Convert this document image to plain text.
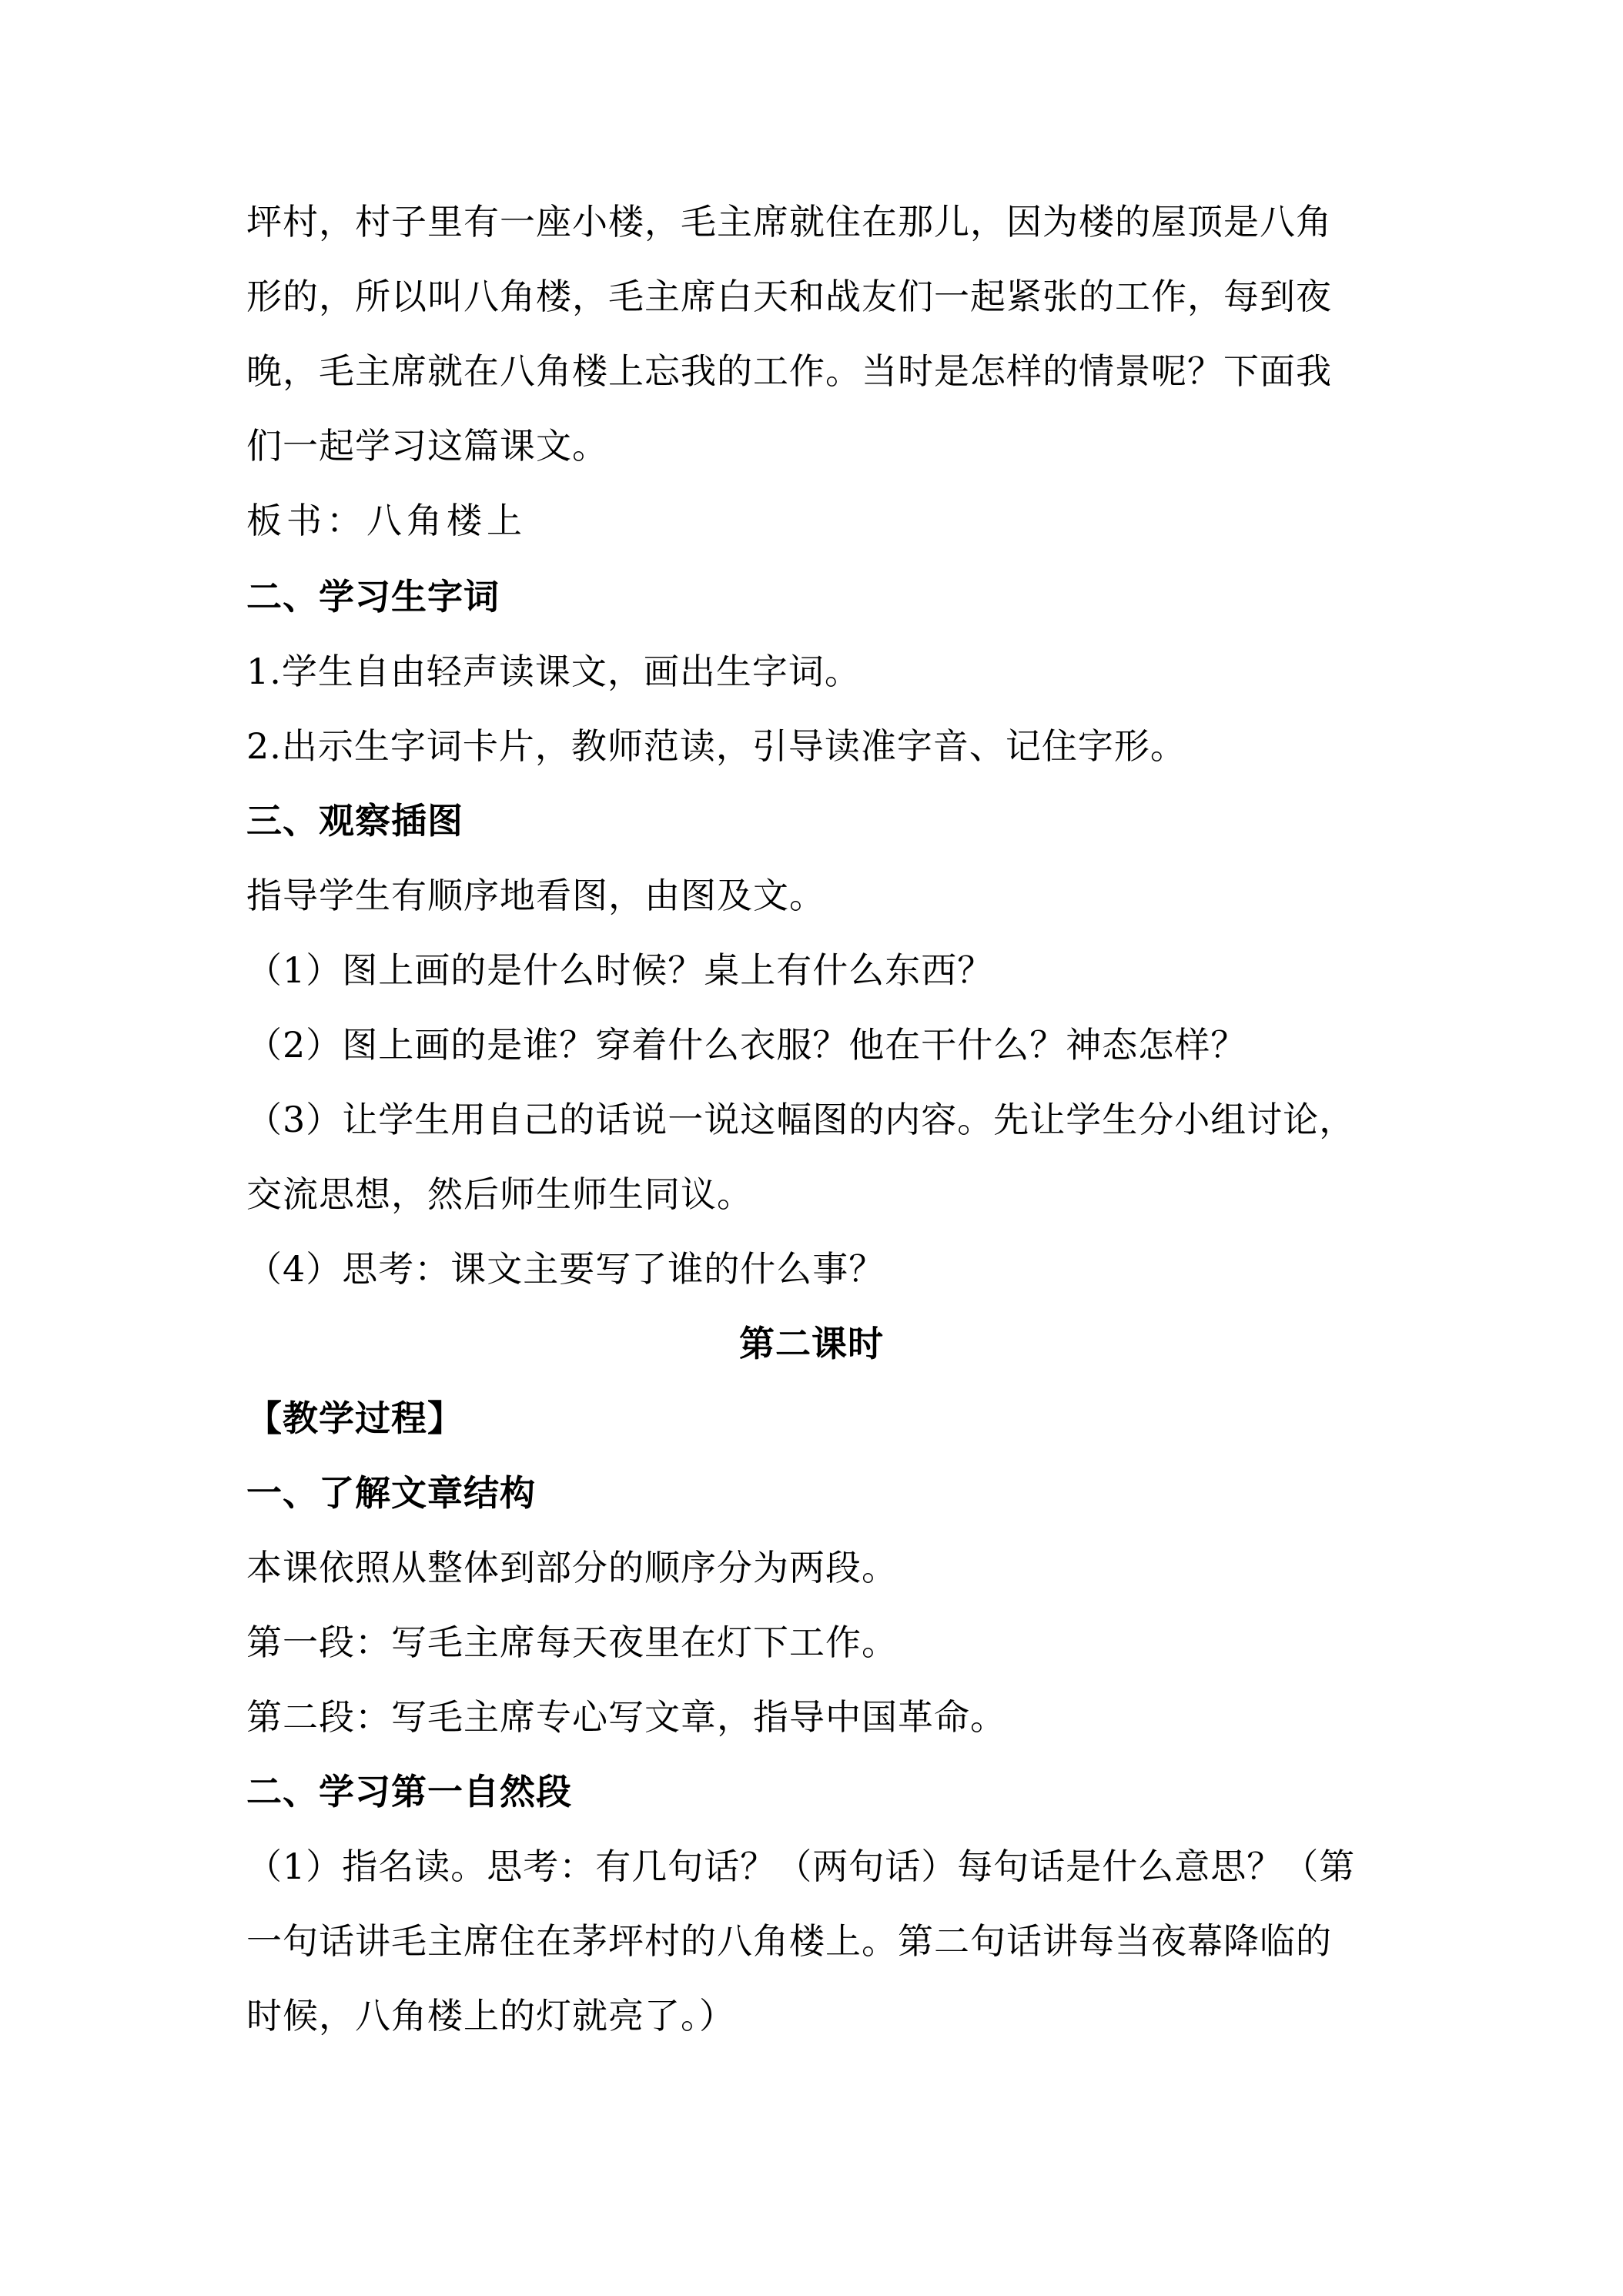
坪村，村子里有一座小楼，毛主席就住在那儿，因为楼的屋顶是八角
形的，所以叫八角楼，毛主席白天和战友们一起紧张的工作，每到夜
晚，毛主席就在八角楼上忘我的工作。当时是怎样的情景呢？下面我
们一起学习这篇课文。
板书：八角楼上
二、学习生字词
1.学生自由轻声读课文，画出生字词。
2.出示生字词卡片，教师范读，引导读准字音、记住字形。
三、观察插图
指导学生有顺序地看图，由图及文。
（1）图上画的是什么时候？桌上有什么东西？
（2）图上画的是谁？穿着什么衣服？他在干什么？神态怎样？
（3）让学生用自己的话说一说这幅图的内容。先让学生分小组讨论，
交流思想，然后师生师生同议。
（4）思考：课文主要写了谁的什么事？
第二课时
【教学过程】
一、了解文章结构
本课依照从整体到部分的顺序分为两段。
第一段：写毛主席每天夜里在灯下工作。
第二段：写毛主席专心写文章，指导中国革命。
二、学习第一自然段
（1）指名读。思考：有几句话？（两句话）每句话是什么意思？（第
一句话讲毛主席住在茅坪村的八角楼上。第二句话讲每当夜幕降临的
时候，八角楼上的灯就亮了。）
